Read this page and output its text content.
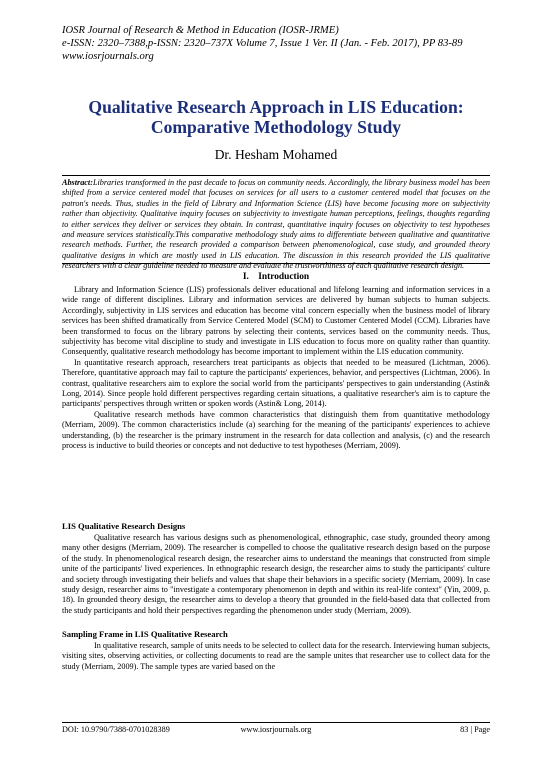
IOSR Journal of Research & Method in Education (IOSR-JRME)
e-ISSN: 2320–7388,p-ISSN: 2320–737X Volume 7, Issue 1 Ver. II (Jan. - Feb. 2017), PP 83-89
www.iosrjournals.org
Qualitative Research Approach in LIS Education: Comparative Methodology Study
Dr. Hesham Mohamed
Abstract:Libraries transformed in the past decade to focus on community needs. Accordingly, the library business model has been shifted from a service centered model that focuses on services for all users to a customer centered model that focuses on the patron's needs. Thus, studies in the field of Library and Information Science (LIS) have become focusing more on subjectivity rather than objectivity. Qualitative inquiry focuses on subjectivity to investigate human perceptions, feelings, thoughts regarding to either services they deliver or services they obtain. In contrast, quantitative inquiry focuses on objectivity to test hypotheses and measure services statistically.This comparative methodology study aims to differentiate between qualitative and quantitative research methods. Further, the research provided a comparison between phenomenological, case study, and grounded theory qualitative designs in which are mostly used in LIS education. The discussion in this research provided the LIS qualitative researchers with a clear guideline needed to measure and evaluate the trustworthiness of each qualitative research design.
I.    Introduction

Library and Information Science (LIS) professionals deliver educational and lifelong learning and information services in a wide range of different disciplines. Library and information services are delivered by human subjects to human subjects. Accordingly, subjectivity in LIS services and education has become vital concern especially when the business model of library services has been shifted dramatically from Service Centered Model (SCM) to Customer Centered Model (CCM). Libraries have been transformed to focus on the library patrons by selecting their contents, services based on the community needs. Thus, subjectivity has become vital discipline to study and investigate in LIS education to focus more on quality rather than quantity. Consequently, qualitative research methodology has become important to implement within the LIS education community.

In quantitative research approach, researchers treat participants as objects that needed to be measured (Lichtman, 2006). Therefore, quantitative approach may fail to capture the participants' experiences, behavior, and perspectives (Lichtman, 2006). In contrast, qualitative researchers aim to explore the social world from the participants' perspectives to gain understanding (Astin& Long, 2014). Since people hold different perspectives regarding certain situations, a qualitative researcher's aim is to capture the participants' perspectives through written or spoken words (Astin& Long, 2014).

Qualitative research methods have common characteristics that distinguish them from quantitative methodology (Merriam, 2009). The common characteristics include (a) searching for the meaning of the participants' experiences to achieve understanding, (b) the researcher is the primary instrument in the research for data collection and analysis, (c) and the research process is inductive to build theories or concepts and not deductive to test hypotheses (Merriam, 2009).

LIS Qualitative Research Designs

Qualitative research has various designs such as phenomenological, ethnographic, case study, grounded theory among many other designs (Merriam, 2009). The researcher is compelled to choose the qualitative research design based on the purpose of the study. In phenomenological research design, the researcher aims to understand the meanings that constructed from simple unite of the participants' lived experiences. In ethnographic research design, the researcher aims to study the participants' culture and society through investigating their beliefs and values that shape their behaviors in a specific society (Merriam, 2009). In case study design, researcher aims to "investigate a contemporary phenomenon in depth and within its real-life context" (Yin, 2009, p. 18). In grounded theory design, the researcher aims to develop a theory that grounded in the field-based data that collected from the study participants and hold their perspectives regarding the phenomenon under study (Merriam, 2009).

Sampling Frame in LIS Qualitative Research

In qualitative research, sample of units needs to be selected to collect data for the research. Interviewing human subjects, visiting sites, observing activities, or collecting documents to read are the sample unites that researcher use to collect data for the study (Merriam, 2009). The sample types are varied based on the

DOI: 10.9790/7388-0701028389	www.iosrjournals.org	83 | Page
